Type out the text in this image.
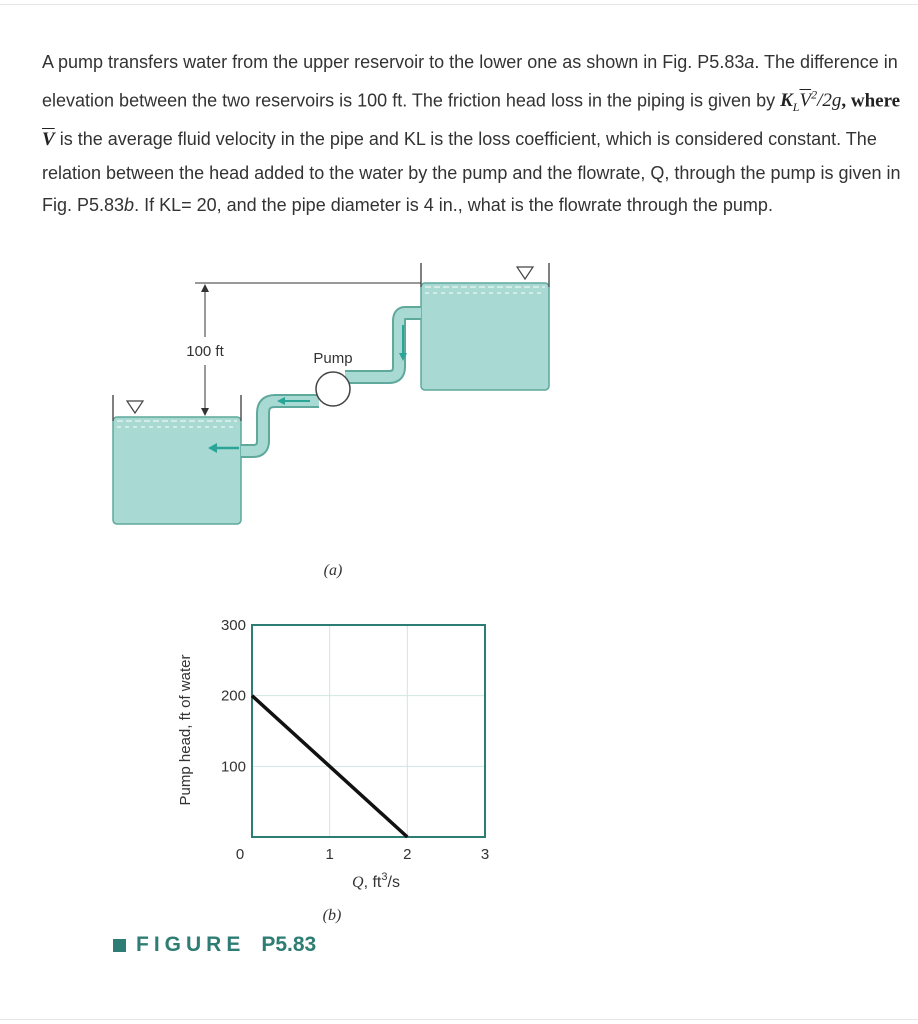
A pump transfers water from the upper reservoir to the lower one as shown in Fig. P5.83a. The difference in elevation between the two reservoirs is 100 ft. The friction head loss in the piping is given by $K_L\overline{V}^2/2g$, where $\overline{V}$ is the average fluid velocity in the pipe and KL is the loss coefficient, which is considered constant. The relation between the head added to the water by the pump and the flowrate, Q, through the pump is given in Fig. P5.83b. If KL= 20, and the pipe diameter is 4 in., what is the flowrate through the pump.

100 ft	Pump
(a)
100
200
300
0	1	2	3
Pump head, ft of water
Q, $ft^3/s$
(b)
FIGURE P5.83
